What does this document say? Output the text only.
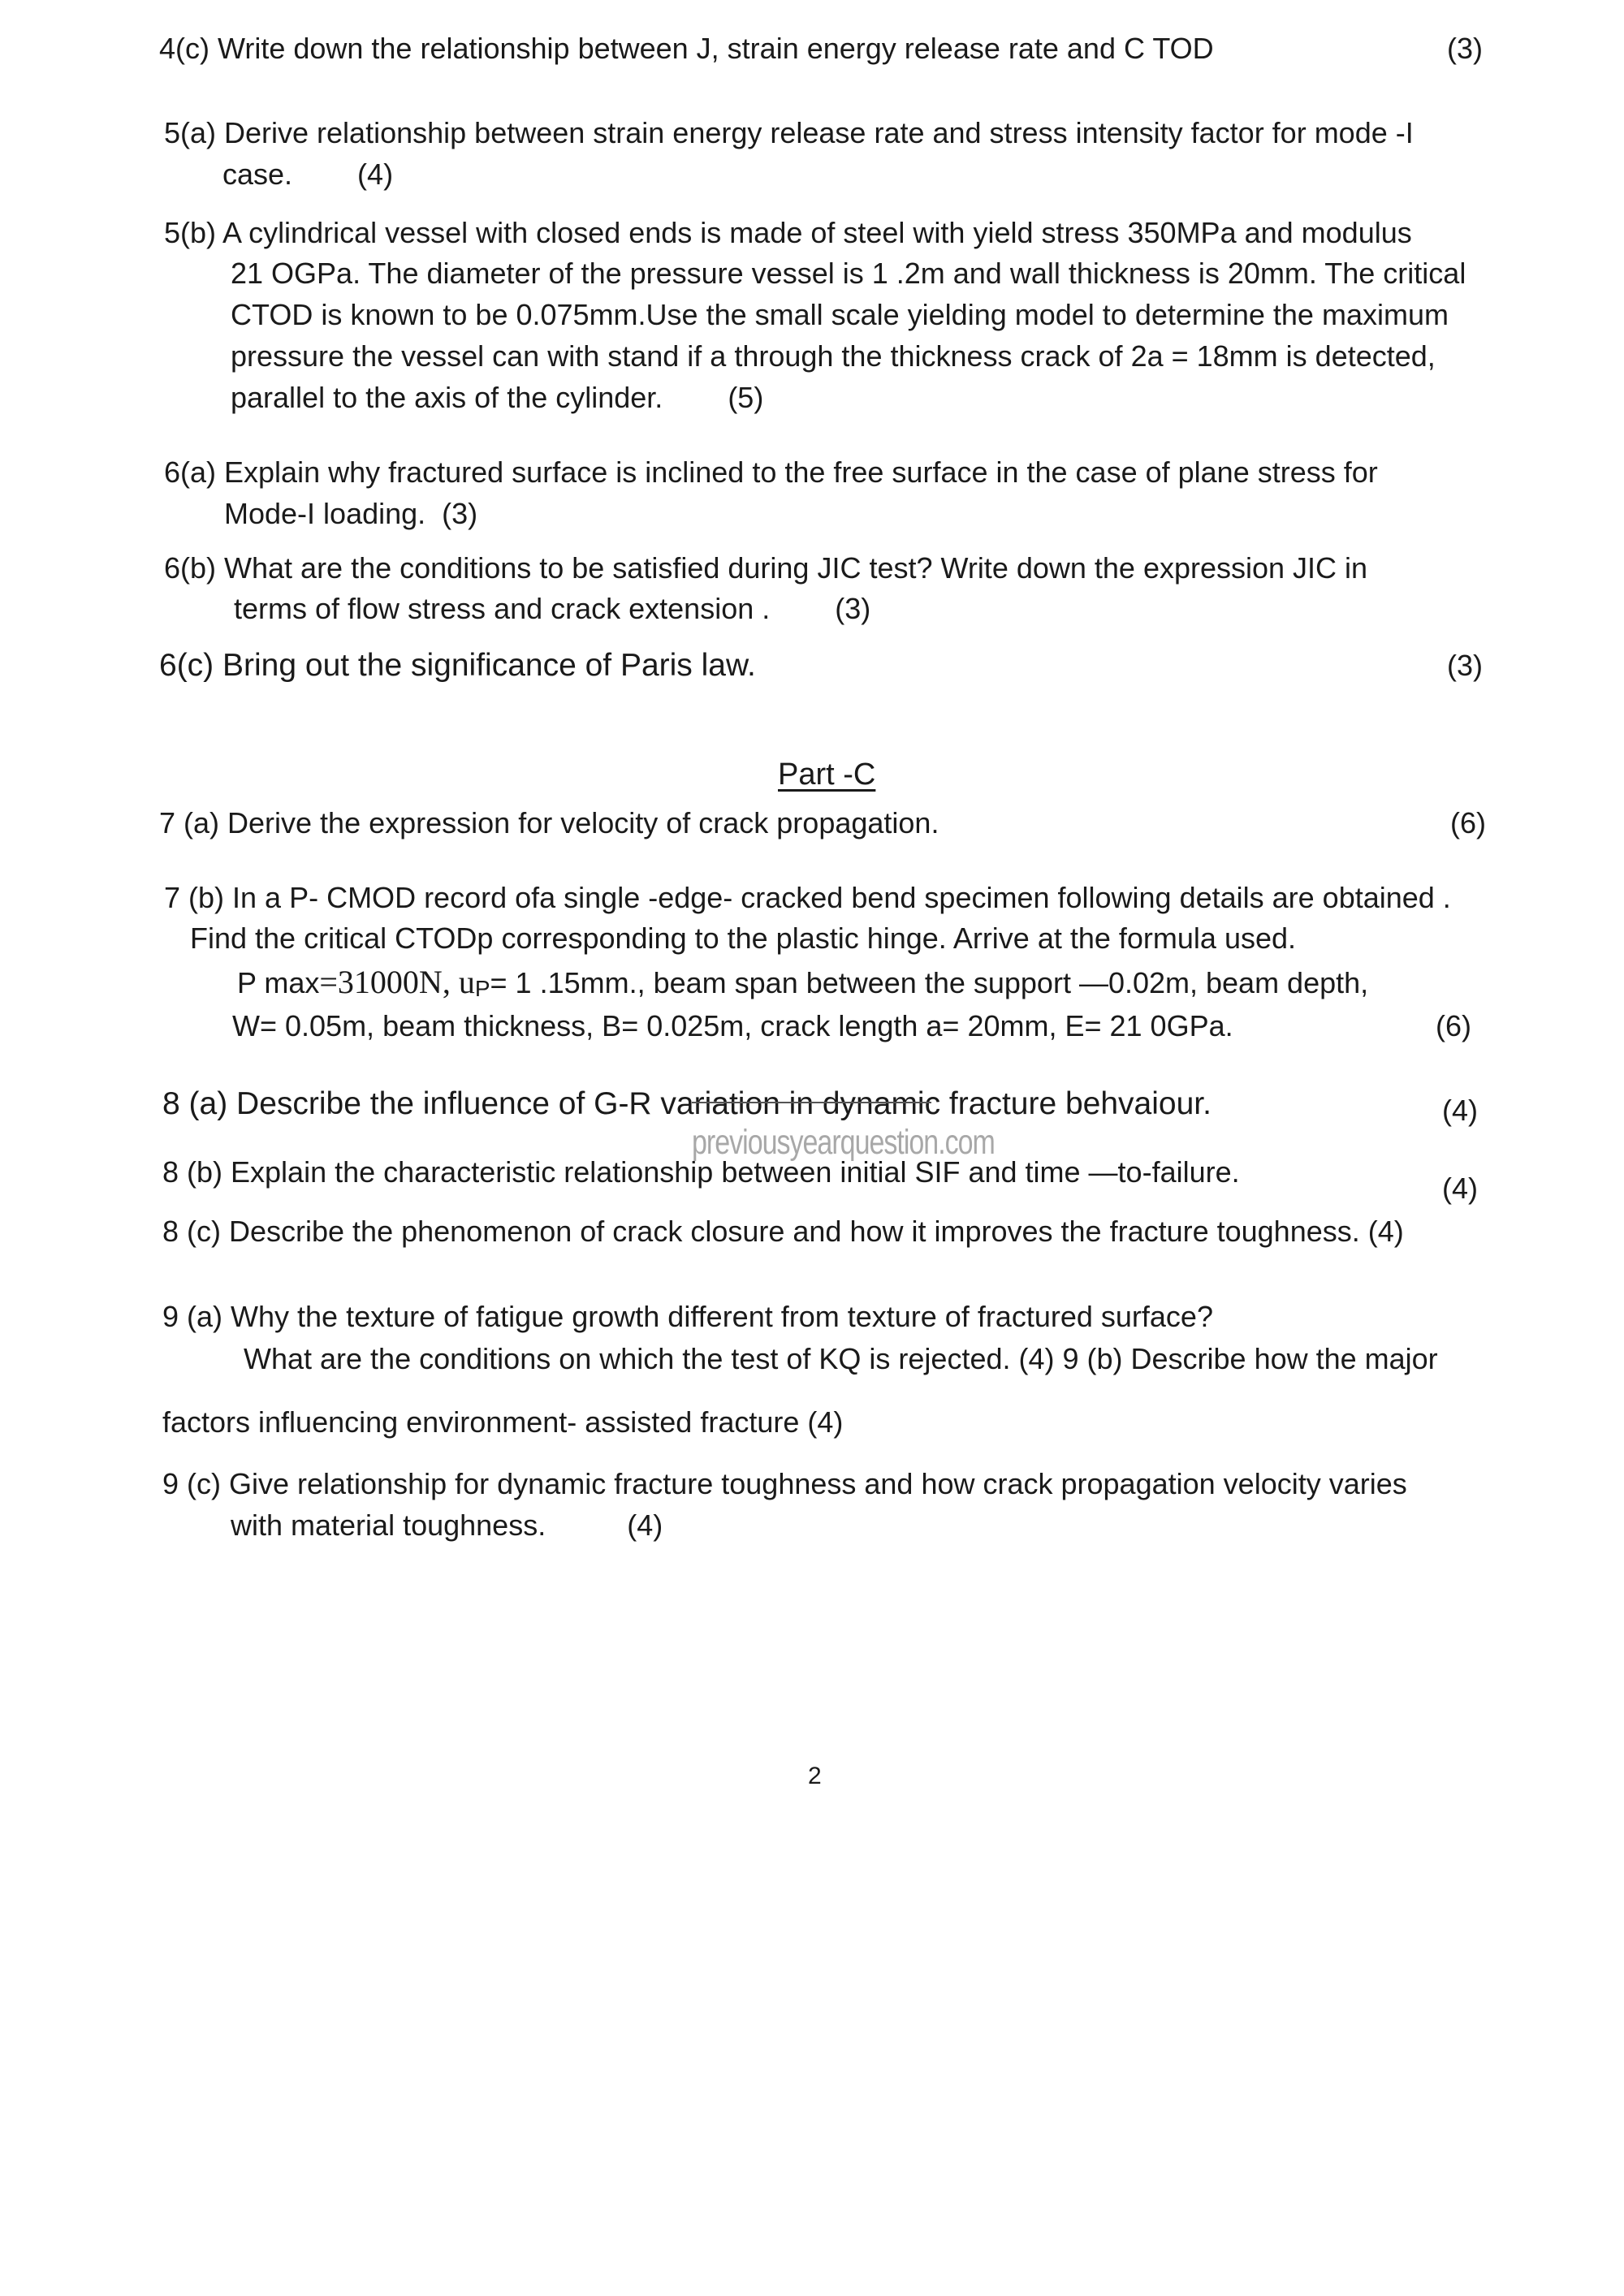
4(c) Write down the relationship between J, strain energy release rate and C TOD	(3)
5(a) Derive relationship between strain energy release rate and stress intensity factor for mode -I
case.        (4)
5(b) A cylindrical vessel with closed ends is made of steel with yield stress 350MPa and modulus
21 OGPa. The diameter of the pressure vessel is 1 .2m and wall thickness is 20mm. The critical
CTOD is known to be 0.075mm.Use the small scale yielding model to determine the maximum
pressure the vessel can with stand if a through the thickness crack of 2a = 18mm is detected,
parallel to the axis of the cylinder.        (5)
6(a) Explain why fractured surface is inclined to the free surface in the case of plane stress for
Mode-I loading.  (3)
6(b) What are the conditions to be satisfied during JIC test? Write down the expression JIC in
terms of flow stress and crack extension .        (3)
6(c) Bring out the significance of Paris law.	(3)
Part -C
7 (a) Derive the expression for velocity of crack propagation.	(6)
7 (b) In a P- CMOD record ofa single -edge- cracked bend specimen following details are obtained .
Find the critical CTODp corresponding to the plastic hinge. Arrive at the formula used.
P max=31000N, uP= 1 .15mm., beam span between the support —0.02m, beam depth,
W= 0.05m, beam thickness, B= 0.025m, crack length a= 20mm, E= 21 0GPa.	(6)
8 (a) Describe the influence of G-R variation in dynamic fracture behvaiour.	(4)
previousyearquestion.com
8 (b) Explain the characteristic relationship between initial SIF and time —to-failure.	(4)
8 (c) Describe the phenomenon of crack closure and how it improves the fracture toughness. (4)
9 (a) Why the texture of fatigue growth different from texture of fractured surface?
What are the conditions on which the test of KQ is rejected. (4) 9 (b) Describe how the major
factors influencing environment- assisted fracture (4)
9 (c) Give relationship for dynamic fracture toughness and how crack propagation velocity varies
with material toughness.          (4)
2
